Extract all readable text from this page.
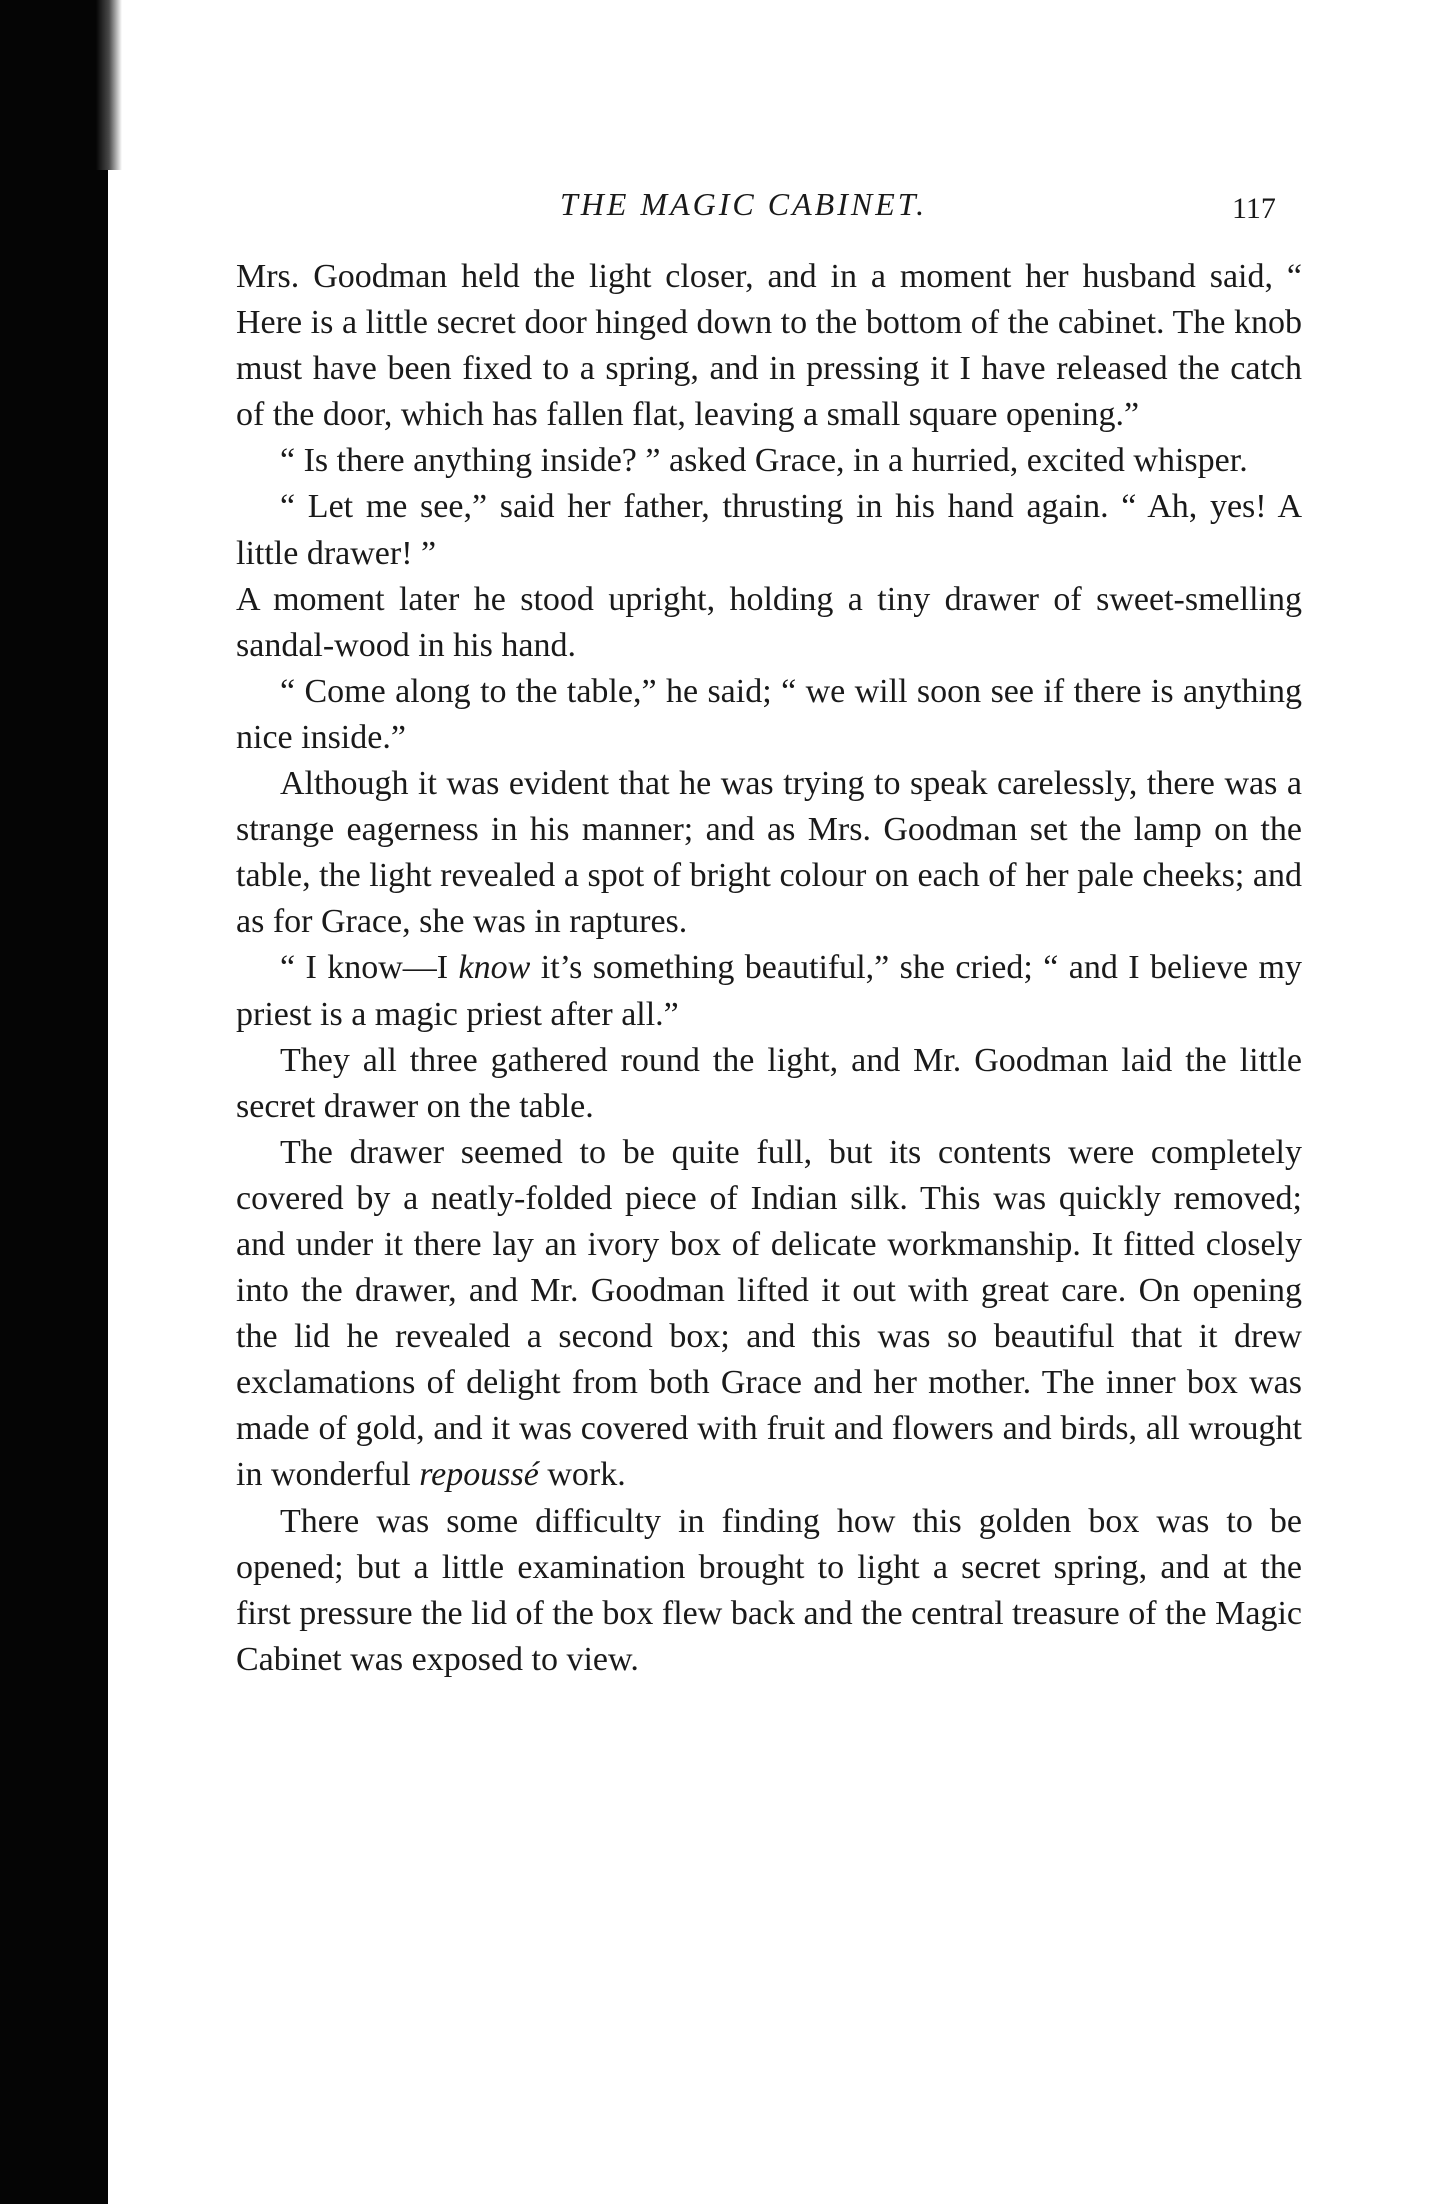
THE MAGIC CABINET.	117

Mrs. Goodman held the light closer, and in a moment her husband said, “ Here is a little secret door hinged down to the bottom of the cabinet. The knob must have been fixed to a spring, and in pressing it I have released the catch of the door, which has fallen flat, leaving a small square opening.”

“ Is there anything inside? ” asked Grace, in a hurried, excited whisper.

“ Let me see,” said her father, thrusting in his hand again. “ Ah, yes! A little drawer! ”

A moment later he stood upright, holding a tiny drawer of sweet-smelling sandal-wood in his hand.

“ Come along to the table,” he said; “ we will soon see if there is anything nice inside.”

Although it was evident that he was trying to speak carelessly, there was a strange eagerness in his manner; and as Mrs. Goodman set the lamp on the table, the light revealed a spot of bright colour on each of her pale cheeks; and as for Grace, she was in raptures.

“ I know—I know it’s something beautiful,” she cried; “ and I believe my priest is a magic priest after all.”

They all three gathered round the light, and Mr. Goodman laid the little secret drawer on the table.

The drawer seemed to be quite full, but its contents were completely covered by a neatly-folded piece of Indian silk. This was quickly removed; and under it there lay an ivory box of delicate workmanship. It fitted closely into the drawer, and Mr. Goodman lifted it out with great care. On opening the lid he revealed a second box; and this was so beautiful that it drew exclamations of delight from both Grace and her mother. The inner box was made of gold, and it was covered with fruit and flowers and birds, all wrought in wonderful repoussé work.

There was some difficulty in finding how this golden box was to be opened; but a little examination brought to light a secret spring, and at the first pressure the lid of the box flew back and the central treasure of the Magic Cabinet was exposed to view.
